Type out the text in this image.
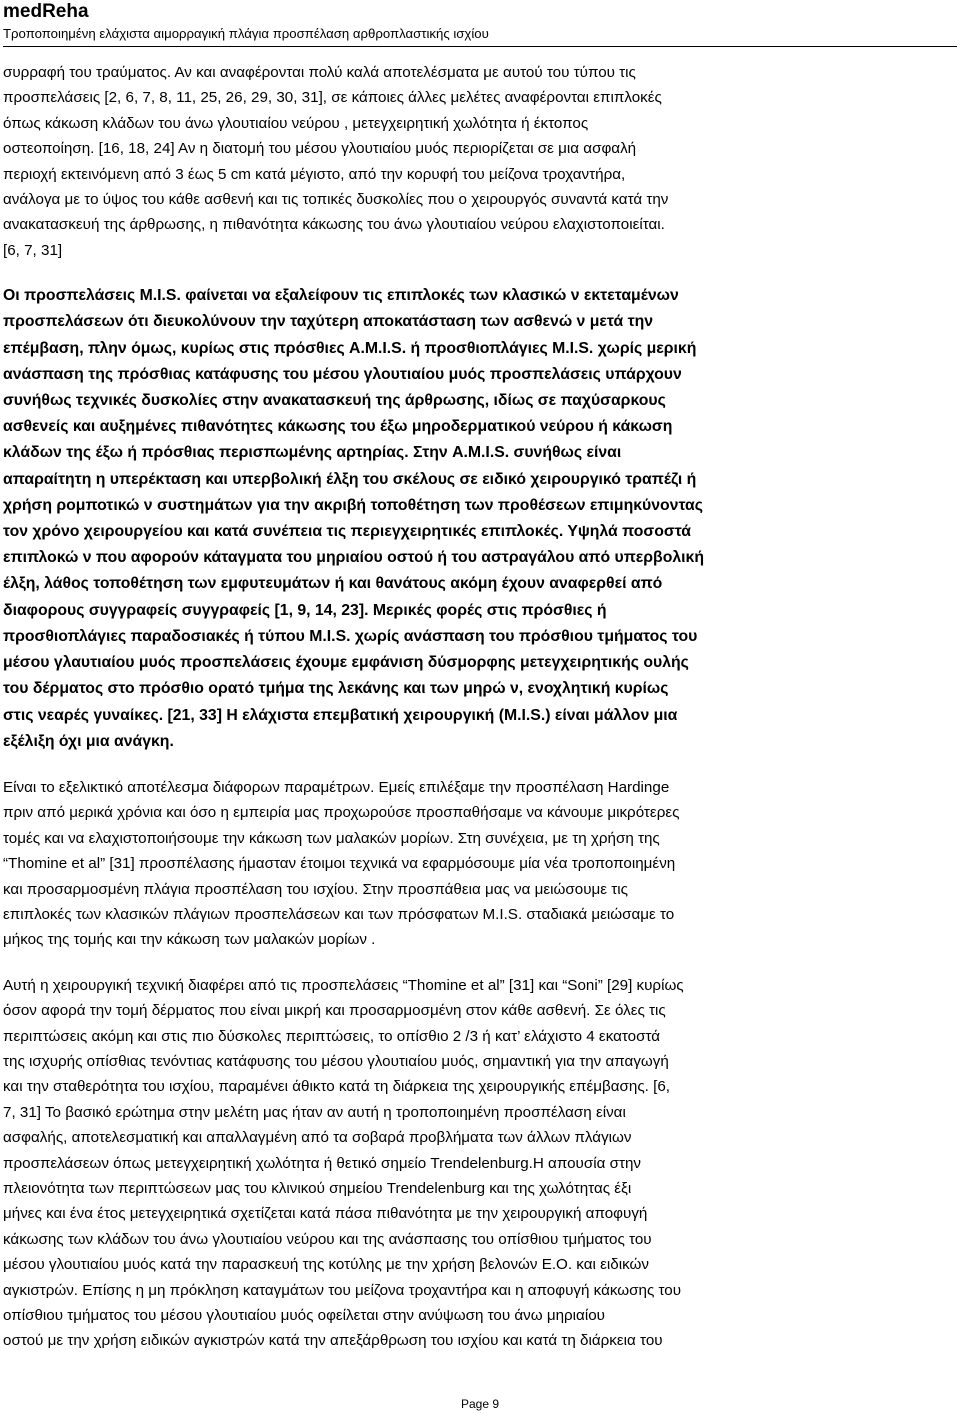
medReha
Τροποποιημένη ελάχιστα αιμορραγική πλάγια προσπέλαση αρθροπλαστικής ισχίου

συρραφή του τραύματος. Αν και αναφέρονται πολύ καλά αποτελέσματα με αυτού του τύπου τις
προσπελάσεις [2, 6, 7, 8, 11, 25, 26, 29, 30, 31], σε κάποιες άλλες μελέτες αναφέρονται επιπλοκές
όπως κάκωση κλάδων του άνω γλουτιαίου νεύρου , μετεγχειρητική χωλότητα ή έκτοπος
οστεοποίηση. [16, 18, 24] Αν η διατομή του μέσου γλουτιαίου μυός περιορίζεται σε μια ασφαλή
περιοχή εκτεινόμενη από 3 έως 5 cm κατά μέγιστο, από την κορυφή του μείζονα τροχαντήρα,
ανάλογα με το ύψος του κάθε ασθενή και τις τοπικές δυσκολίες που ο χειρουργός συναντά κατά την
ανακατασκευή της άρθρωσης, η πιθανότητα κάκωσης του άνω γλουτιαίου νεύρου ελαχιστοποιείται.
[6, 7, 31]

Οι προσπελάσεις M.I.S. φαίνεται να εξαλείφουν τις επιπλοκές των κλασικώ ν εκτεταμένων
προσπελάσεων ότι διευκολύνουν την ταχύτερη αποκατάσταση των ασθενώ ν μετά την
επέμβαση, πλην όμως, κυρίως στις πρόσθιες A.M.I.S. ή προσθιοπλάγιες M.I.S. χωρίς μερική
ανάσπαση της πρόσθιας κατάφυσης του μέσου γλουτιαίου μυός προσπελάσεις υπάρχουν
συνήθως τεχνικές δυσκολίες στην ανακατασκευή της άρθρωσης, ιδίως σε παχύσαρκους
ασθενείς και αυξημένες πιθανότητες κάκωσης του έξω μηροδερματικού νεύρου ή κάκωση
κλάδων της έξω ή πρόσθιας περισπωμένης αρτηρίας. Στην A.M.I.S. συνήθως είναι
απαραίτητη η υπερέκταση και υπερβολική έλξη του σκέλους σε ειδικό χειρουργικό τραπέζι ή
χρήση ρομποτικώ ν συστημάτων για την ακριβή τοποθέτηση των προθέσεων επιμηκύνοντας
τον χρόνο χειρουργείου και κατά συνέπεια τις περιεγχειρητικές επιπλοκές. Υψηλά ποσοστά
επιπλοκώ ν που αφορούν κάταγματα του μηριαίου οστού ή του αστραγάλου από υπερβολική
έλξη, λάθος τοποθέτηση των εμφυτευμάτων ή και θανάτους ακόμη έχουν αναφερθεί από
διαφορους συγγραφείς συγγραφείς [1, 9, 14, 23]. Μερικές φορές στις πρόσθιες ή
προσθιοπλάγιες παραδοσιακές ή τύπου M.I.S. χωρίς ανάσπαση του πρόσθιου τμήματος του
μέσου γλαυτιαίου μυός προσπελάσεις έχουμε εμφάνιση δύσμορφης μετεγχειρητικής ουλής
του δέρματος στο πρόσθιο ορατό τμήμα της λεκάνης και των μηρώ ν, ενοχλητική κυρίως
στις νεαρές γυναίκες. [21, 33] Η ελάχιστα επεμβατική χειρουργική (M.I.S.) είναι μάλλον μια
εξέλιξη όχι μια ανάγκη.

Είναι το εξελικτικό αποτέλεσμα διάφορων παραμέτρων. Εμείς επιλέξαμε την προσπέλαση Hardinge
πριν από μερικά χρόνια και όσο η εμπειρία μας προχωρούσε προσπαθήσαμε να κάνουμε μικρότερες
τομές και να ελαχιστοποιήσουμε την κάκωση των μαλακών μορίων. Στη συνέχεια, με τη χρήση της
“Thomine et al” [31] προσπέλασης ήμασταν έτοιμοι τεχνικά να εφαρμόσουμε μία νέα τροποποιημένη
και προσαρμοσμένη πλάγια προσπέλαση του ισχίου. Στην προσπάθεια μας να μειώσουμε τις
επιπλοκές των κλασικών πλάγιων προσπελάσεων και των πρόσφατων M.I.S. σταδιακά μειώσαμε το
μήκος της τομής και την κάκωση των μαλακών μορίων .

Αυτή η χειρουργική τεχνική διαφέρει από τις προσπελάσεις “Thomine et al” [31] και “Soni” [29] κυρίως
όσον αφορά την τομή δέρματος που είναι μικρή και προσαρμοσμένη στον κάθε ασθενή. Σε όλες τις
περιπτώσεις ακόμη και στις πιο δύσκολες περιπτώσεις, το οπίσθιο 2 /3 ή κατ’ ελάχιστο 4 εκατοστά
της ισχυρής οπίσθιας τενόντιας κατάφυσης του μέσου γλουτιαίου μυός, σημαντική για την απαγωγή
και την σταθερότητα του ισχίου, παραμένει άθικτο κατά τη διάρκεια της χειρουργικής επέμβασης. [6,
7, 31] Το βασικό ερώτημα στην μελέτη μας ήταν αν αυτή η τροποποιημένη προσπέλαση είναι
ασφαλής, αποτελεσματική και απαλλαγμένη από τα σοβαρά προβλήματα των άλλων πλάγιων
προσπελάσεων όπως μετεγχειρητική χωλότητα ή θετικό σημείο Trendelenburg.Η απουσία στην
πλειονότητα των περιπτώσεων μας του κλινικού σημείου Trendelenburg και της χωλότητας έξι
μήνες και ένα έτος μετεγχειρητικά σχετίζεται κατά πάσα πιθανότητα με την χειρουργική αποφυγή
κάκωσης των κλάδων του άνω γλουτιαίου νεύρου και της ανάσπασης του οπίσθιου τμήματος του
μέσου γλουτιαίου μυός κατά την παρασκευή της κοτύλης με την χρήση βελονών Ε.Ο. και ειδικών
αγκιστρών. Επίσης η μη πρόκληση καταγμάτων του μείζονα τροχαντήρα και η αποφυγή κάκωσης του
οπίσθιου τμήματος του μέσου γλουτιαίου μυός οφείλεται στην ανύψωση του άνω μηριαίου
οστού με την χρήση ειδικών αγκιστρών κατά την απεξάρθρωση του ισχίου και κατά τη διάρκεια του

Page 9
